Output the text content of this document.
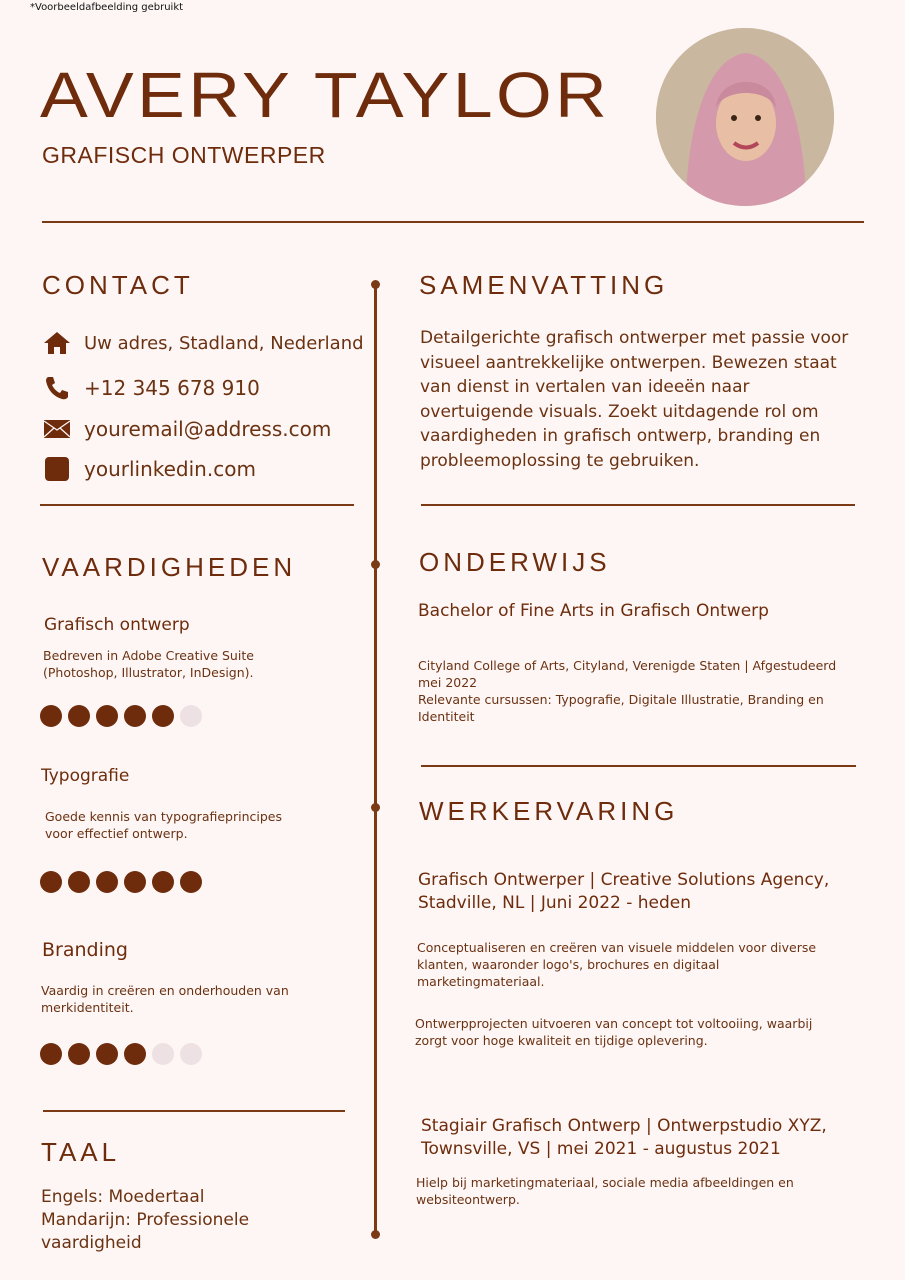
*Voorbeeldafbeelding gebruikt
AVERY TAYLOR
GRAFISCH ONTWERPER
CONTACT
Uw adres, Stadland, Nederland
+12 345 678 910
youremail@address.com
yourlinkedin.com
VAARDIGHEDEN
Grafisch ontwerp
Bedreven in Adobe Creative Suite (Photoshop, Illustrator, InDesign).
Typografie
Goede kennis van typografieprincipes voor effectief ontwerp.
Branding
Vaardig in creëren en onderhouden van merkidentiteit.
TAAL
Engels: Moedertaal
Mandarijn: Professionele vaardigheid
SAMENVATTING
Detailgerichte grafisch ontwerper met passie voor visueel aantrekkelijke ontwerpen. Bewezen staat van dienst in vertalen van ideeën naar overtuigende visuals. Zoekt uitdagende rol om vaardigheden in grafisch ontwerp, branding en probleemoplossing te gebruiken.
ONDERWIJS
Bachelor of Fine Arts in Grafisch Ontwerp
Cityland College of Arts, Cityland, Verenigde Staten | Afgestudeerd mei 2022
Relevante cursussen: Typografie, Digitale Illustratie, Branding en Identiteit
WERKERVARING
Grafisch Ontwerper | Creative Solutions Agency, Stadville, NL | Juni 2022 - heden
Conceptualiseren en creëren van visuele middelen voor diverse klanten, waaronder logo's, brochures en digitaal marketingmateriaal.
Ontwerpprojecten uitvoeren van concept tot voltooiing, waarbij zorgt voor hoge kwaliteit en tijdige oplevering.
Stagiair Grafisch Ontwerp | Ontwerpstudio XYZ, Townsville, VS | mei 2021 - augustus 2021
Hielp bij marketingmateriaal, sociale media afbeeldingen en websiteontwerp.
